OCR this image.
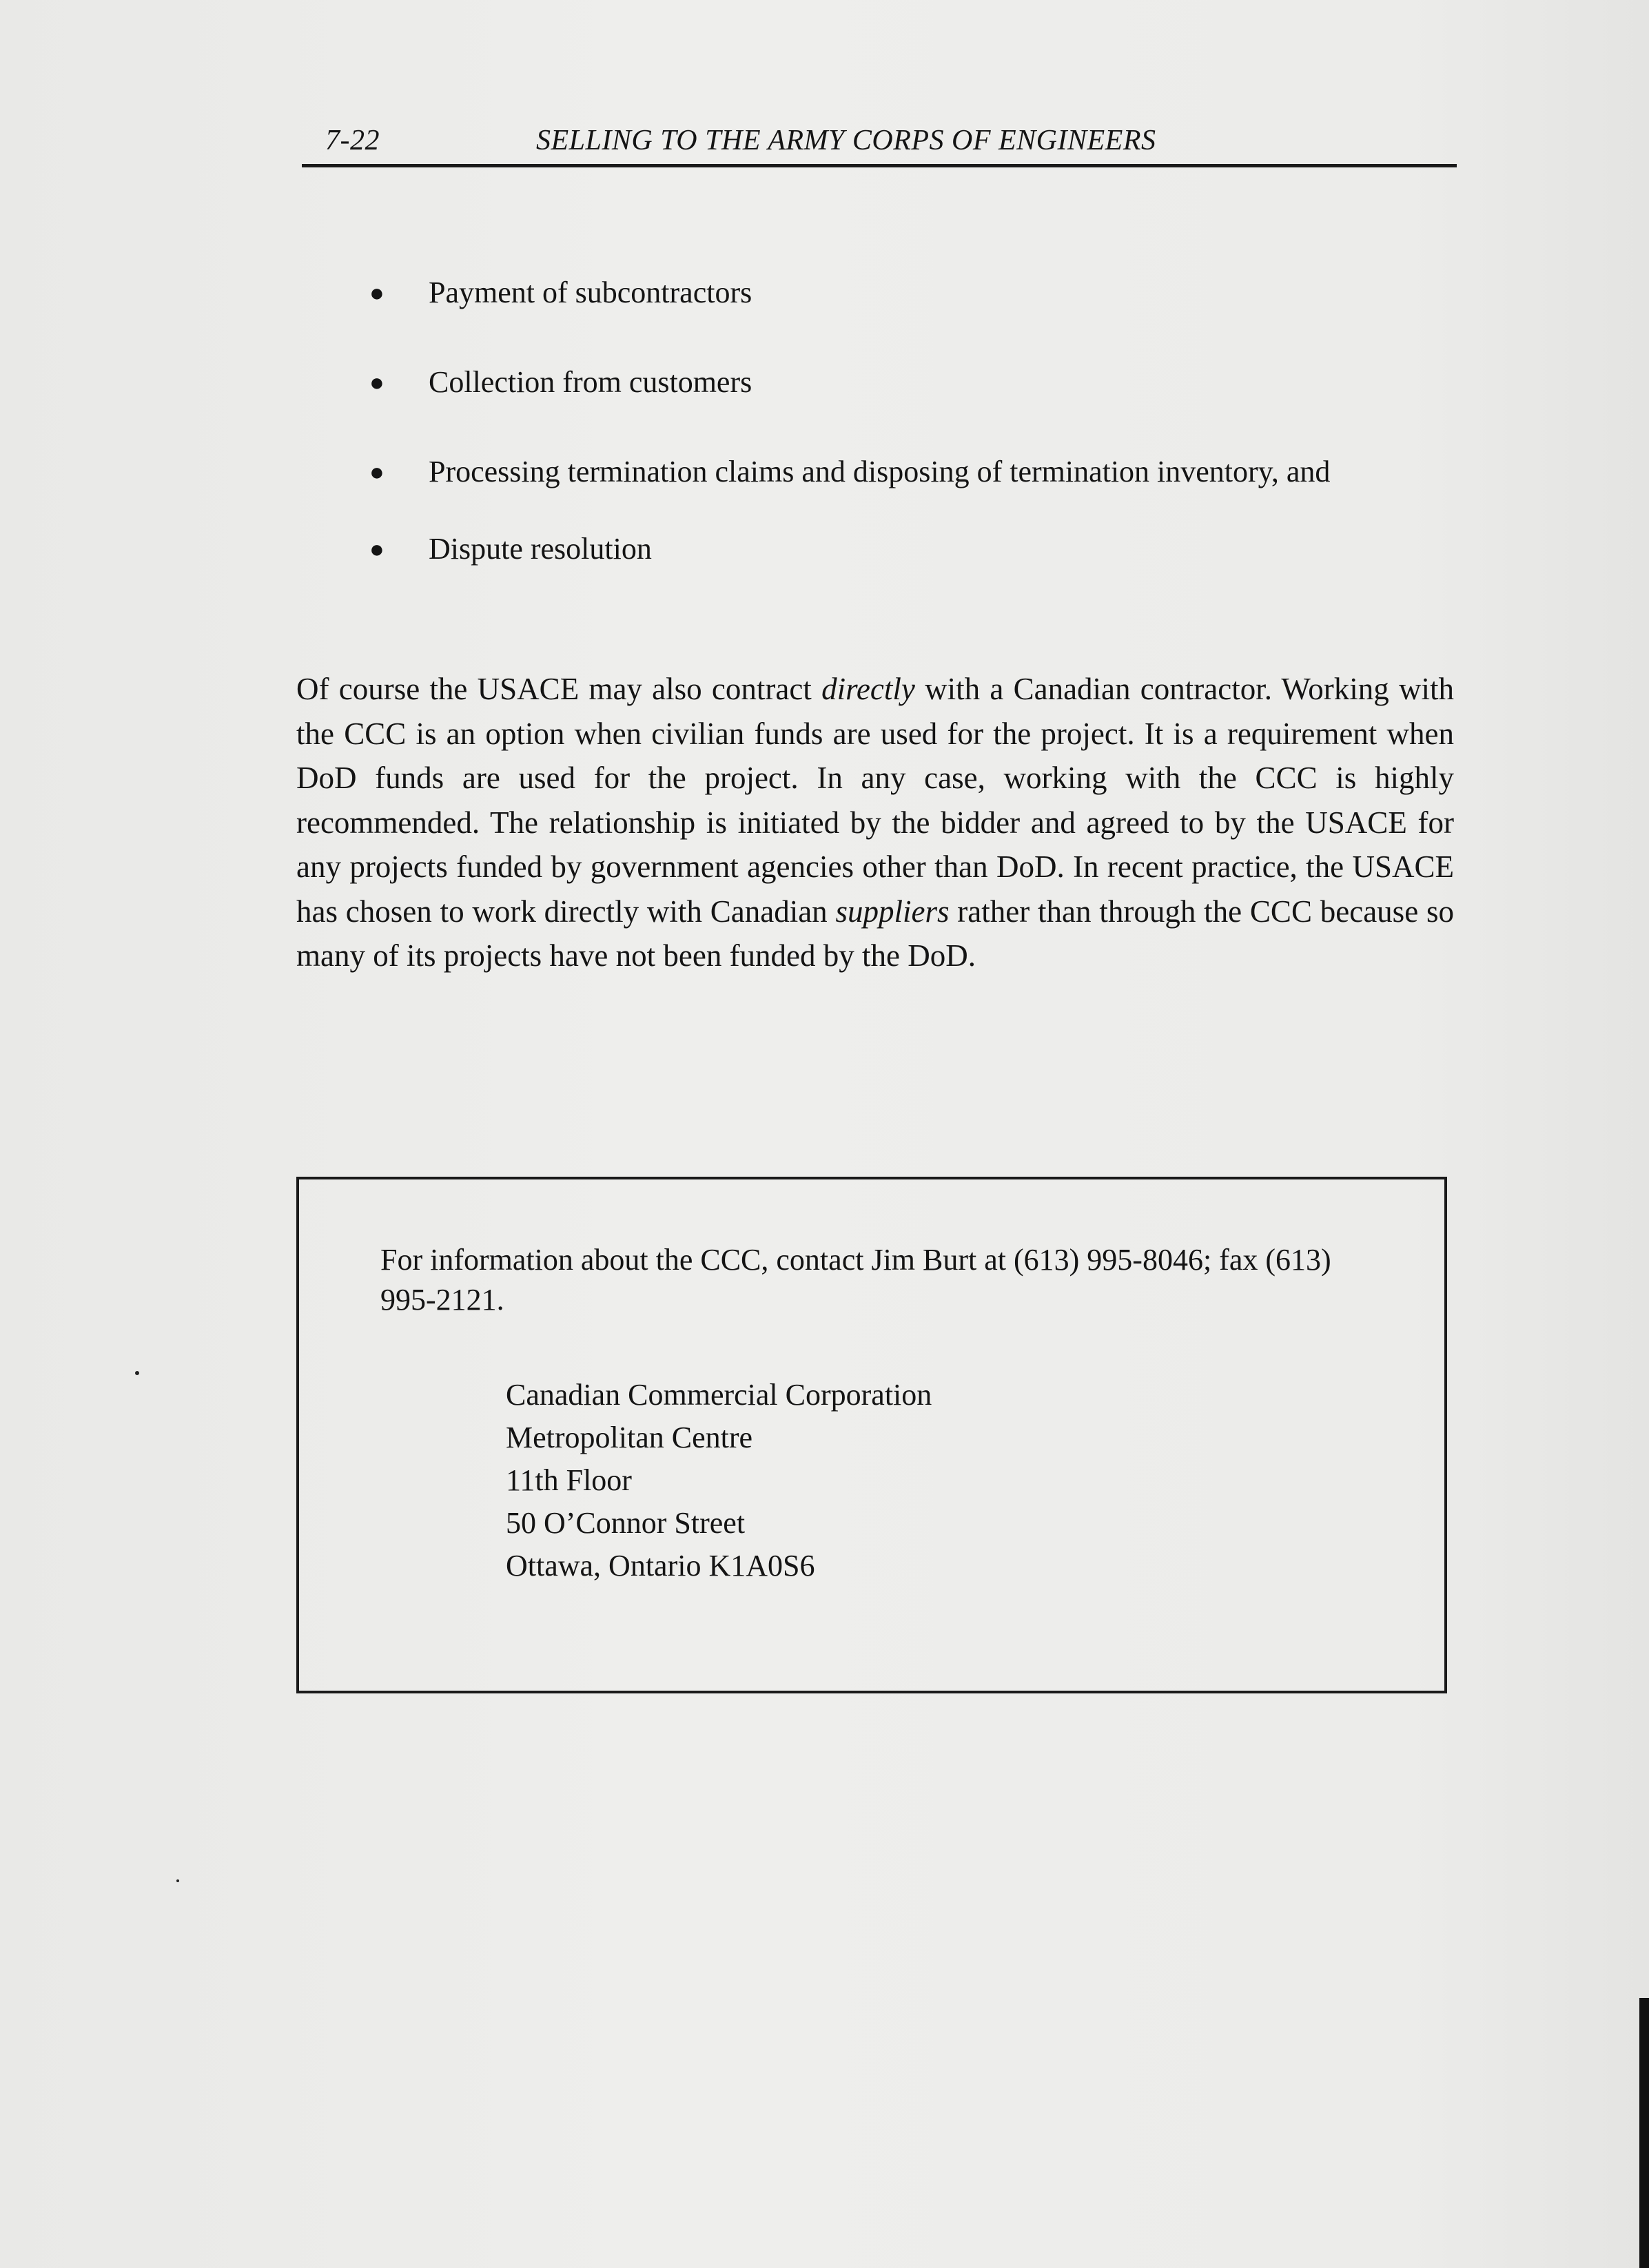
7-22	SELLING TO THE ARMY CORPS OF ENGINEERS
● Payment of subcontractors
● Collection from customers
● Processing termination claims and disposing of termination inventory, and
● Dispute resolution

Of course the USACE may also contract directly with a Canadian contractor. Working with the CCC is an option when civilian funds are used for the project. It is a requirement when DoD funds are used for the project. In any case, working with the CCC is highly recommended. The relationship is initiated by the bidder and agreed to by the USACE for any projects funded by government agencies other than DoD. In recent practice, the USACE has chosen to work directly with Canadian suppliers rather than through the CCC because so many of its projects have not been funded by the DoD.

For information about the CCC, contact Jim Burt at (613) 995-8046; fax (613) 995-2121.
Canadian Commercial Corporation
Metropolitan Centre
11th Floor
50 O’Connor Street
Ottawa, Ontario K1A0S6
